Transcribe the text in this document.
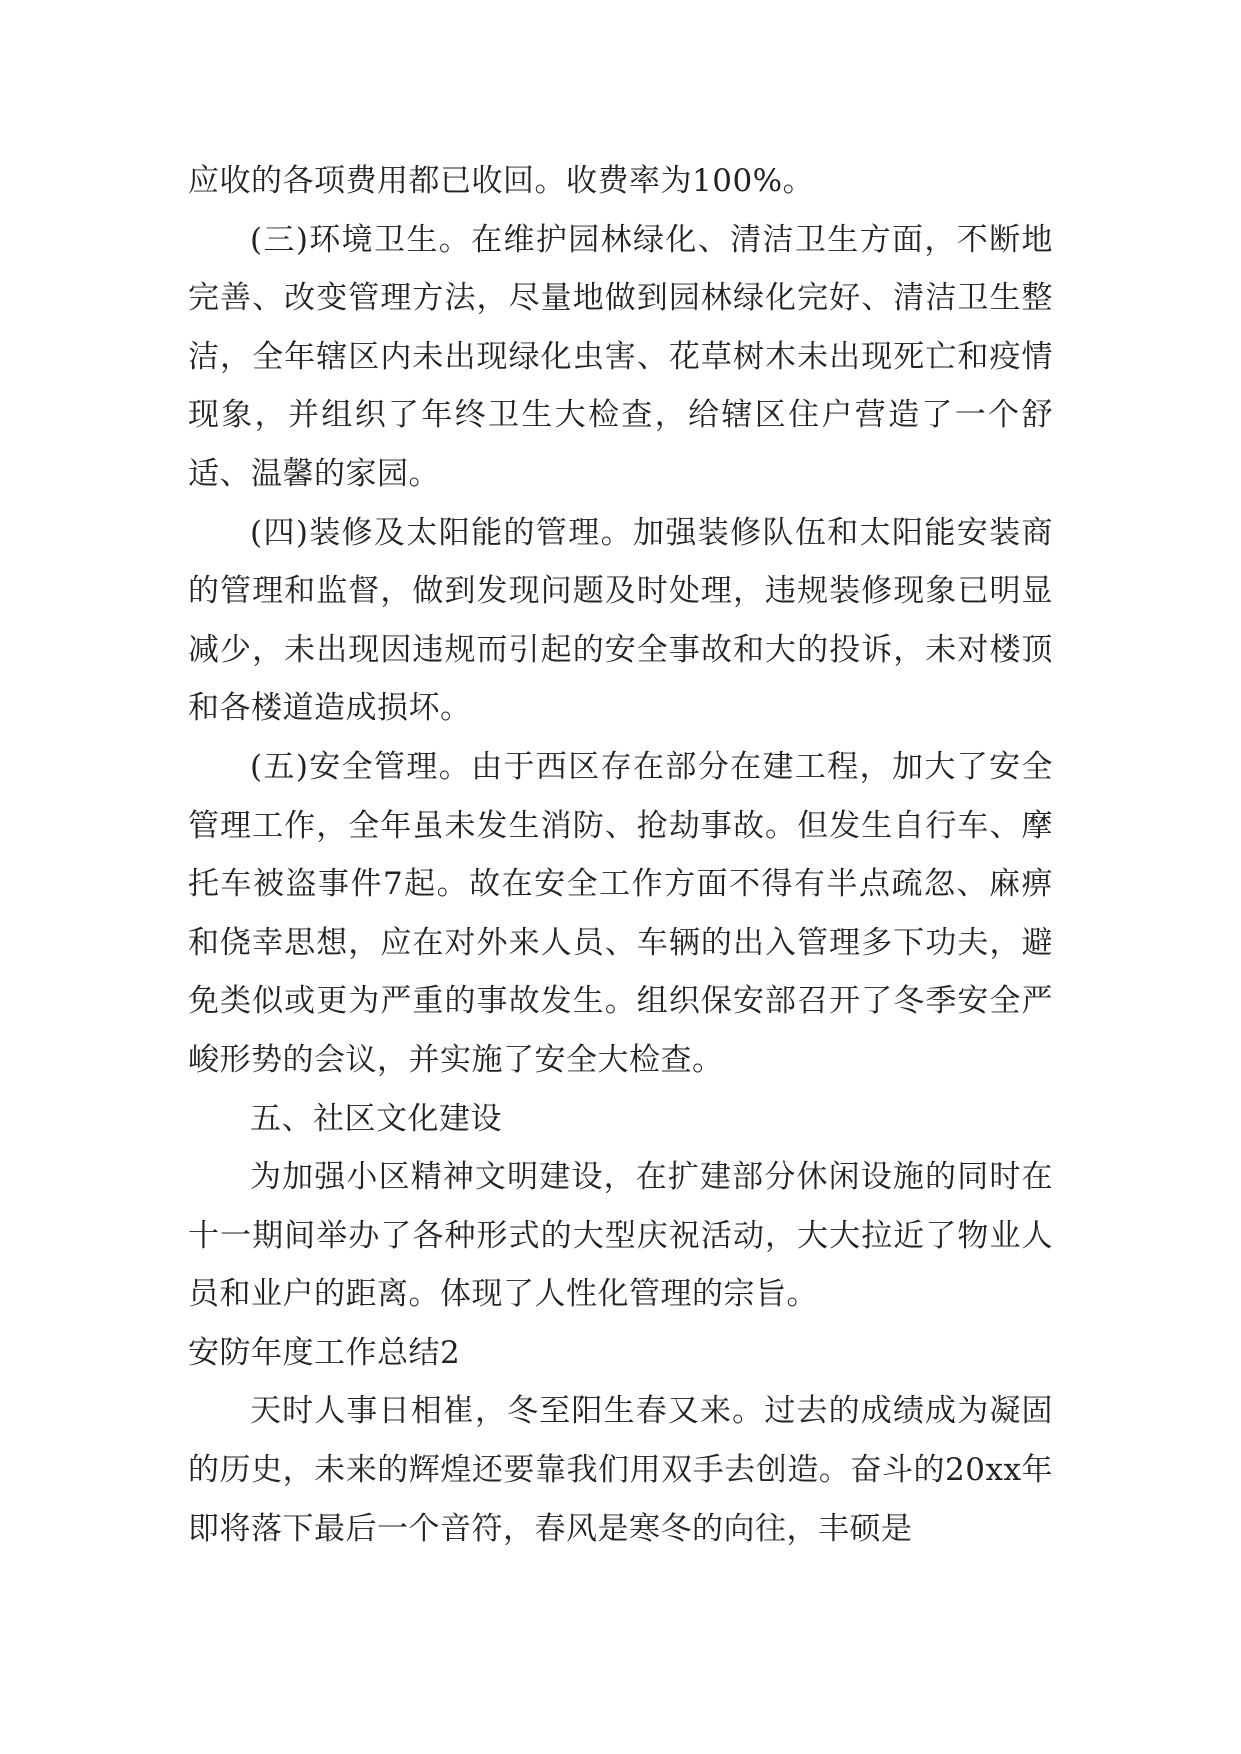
应收的各项费用都已收回。收费率为100%。

(三)环境卫生。在维护园林绿化、清洁卫生方面，不断地完善、改变管理方法，尽量地做到园林绿化完好、清洁卫生整洁，全年辖区内未出现绿化虫害、花草树木未出现死亡和疫情现象，并组织了年终卫生大检查，给辖区住户营造了一个舒适、温馨的家园。

(四)装修及太阳能的管理。加强装修队伍和太阳能安装商的管理和监督，做到发现问题及时处理，违规装修现象已明显减少，未出现因违规而引起的安全事故和大的投诉，未对楼顶和各楼道造成损坏。

(五)安全管理。由于西区存在部分在建工程，加大了安全管理工作，全年虽未发生消防、抢劫事故。但发生自行车、摩托车被盗事件7起。故在安全工作方面不得有半点疏忽、麻痹和侥幸思想，应在对外来人员、车辆的出入管理多下功夫，避免类似或更为严重的事故发生。组织保安部召开了冬季安全严峻形势的会议，并实施了安全大检查。

五、社区文化建设

为加强小区精神文明建设，在扩建部分休闲设施的同时在十一期间举办了各种形式的大型庆祝活动，大大拉近了物业人员和业户的距离。体现了人性化管理的宗旨。

安防年度工作总结2

天时人事日相崔，冬至阳生春又来。过去的成绩成为凝固的历史，未来的辉煌还要靠我们用双手去创造。奋斗的20xx年即将落下最后一个音符，春风是寒冬的向往，丰硕是
